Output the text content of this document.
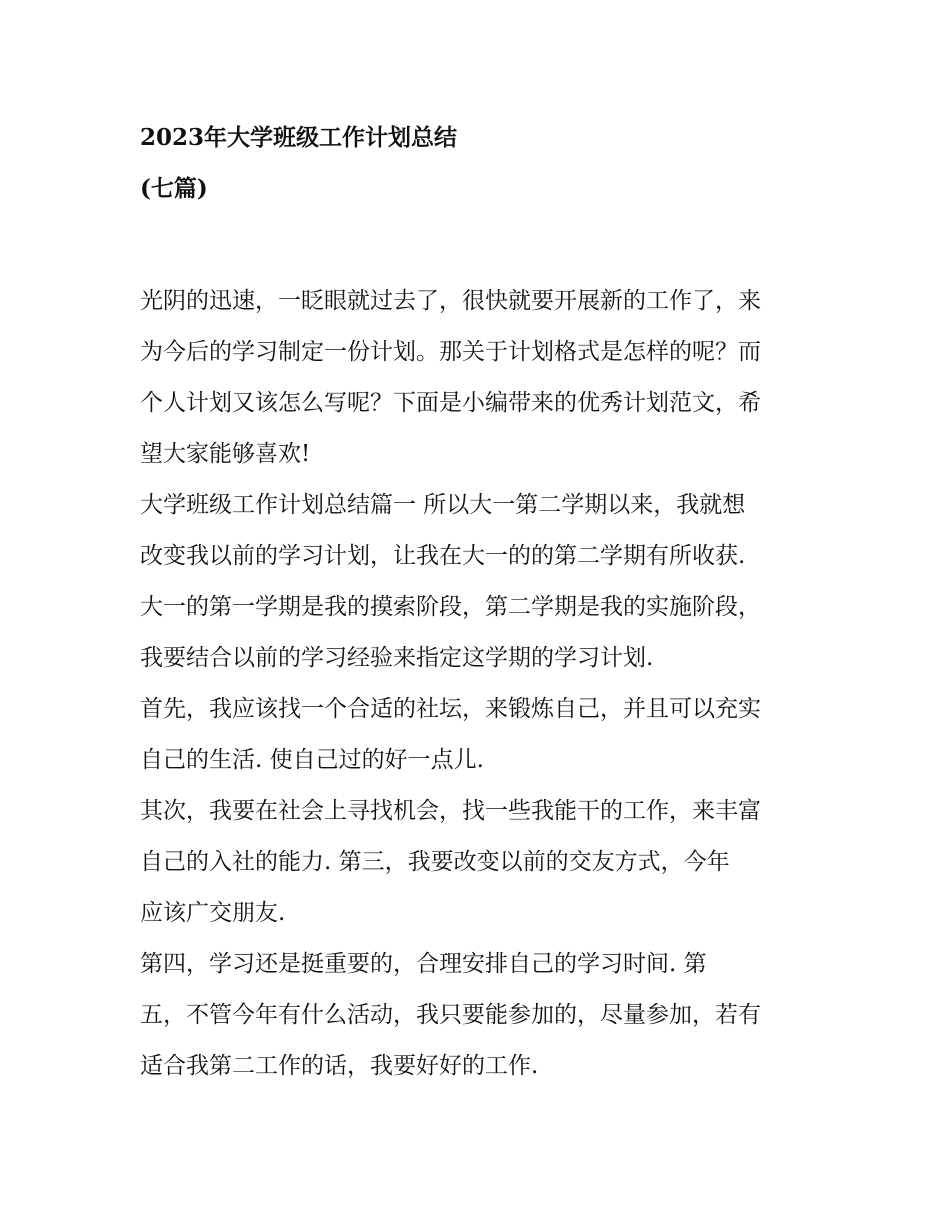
2023年大学班级工作计划总结
(七篇)
光阴的迅速，一眨眼就过去了，很快就要开展新的工作了，来
为今后的学习制定一份计划。那关于计划格式是怎样的呢？而
个人计划又该怎么写呢？下面是小编带来的优秀计划范文，希
望大家能够喜欢!
大学班级工作计划总结篇一 所以大一第二学期以来，我就想
改变我以前的学习计划，让我在大一的的第二学期有所收获.
大一的第一学期是我的摸索阶段，第二学期是我的实施阶段，
我要结合以前的学习经验来指定这学期的学习计划.
首先，我应该找一个合适的社坛，来锻炼自己，并且可以充实
自己的生活. 使自己过的好一点儿.
其次，我要在社会上寻找机会，找一些我能干的工作，来丰富
自己的入社的能力. 第三，我要改变以前的交友方式，今年
应该广交朋友.
第四，学习还是挺重要的，合理安排自己的学习时间. 第
五，不管今年有什么活动，我只要能参加的，尽量参加，若有
适合我第二工作的话，我要好好的工作.
